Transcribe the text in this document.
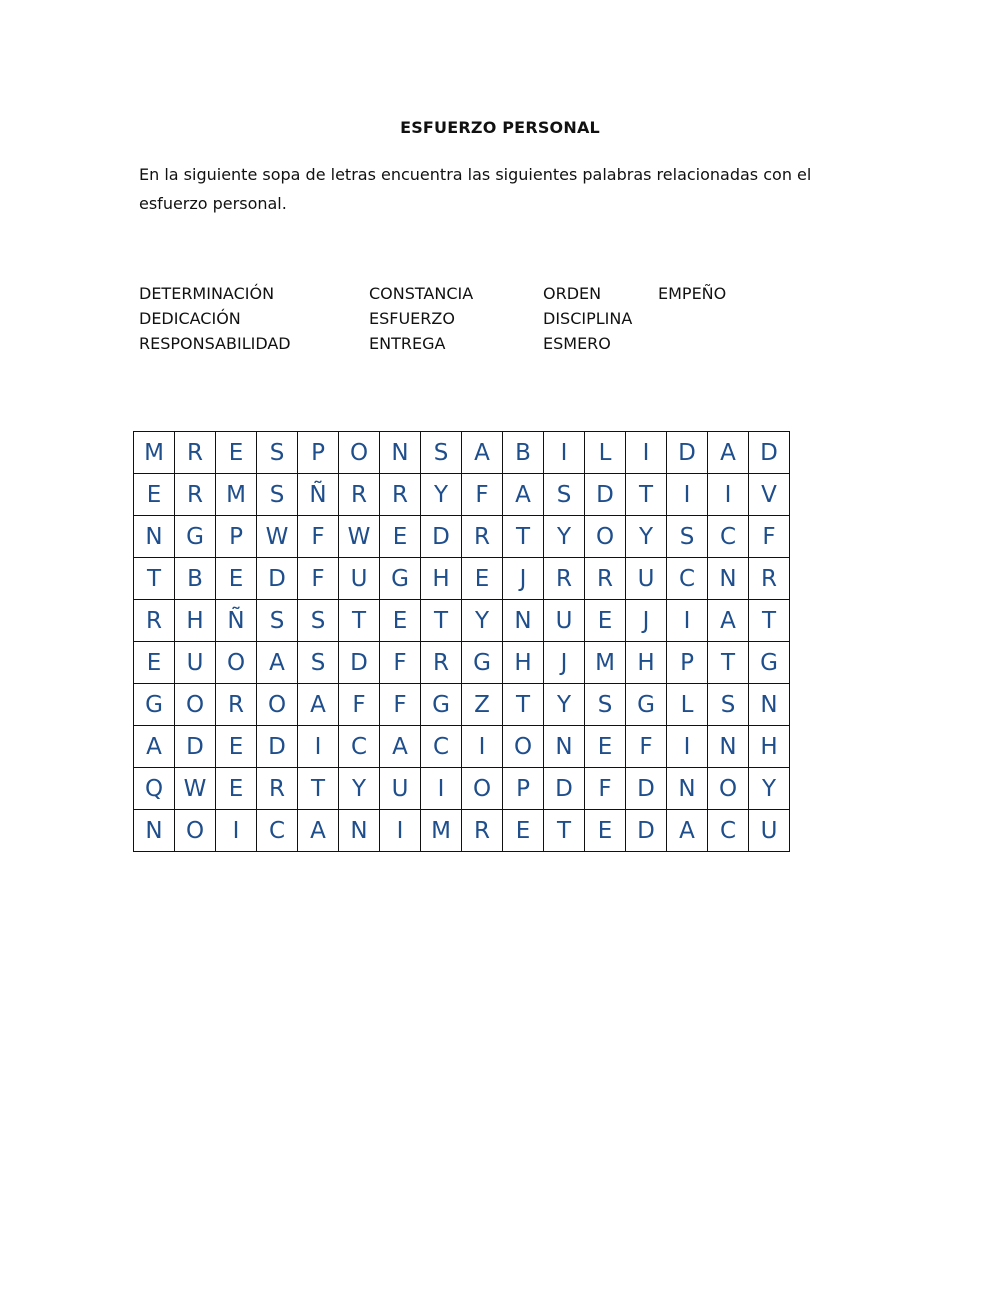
ESFUERZO PERSONAL
En la siguiente sopa de letras encuentra las siguientes palabras relacionadas con el esfuerzo personal.
DETERMINACIÓN	CONSTANCIA	ORDEN	EMPEÑO
DEDICACIÓN	ESFUERZO	DISCIPLINA
RESPONSABILIDAD	ENTREGA	ESMERO
M	R	E	S	P	O	N	S	A	B	I	L	I	D	A	D
E	R	M	S	Ñ	R	R	Y	F	A	S	D	T	I	I	V
N	G	P	W	F	W	E	D	R	T	Y	O	Y	S	C	F
T	B	E	D	F	U	G	H	E	J	R	R	U	C	N	R
R	H	Ñ	S	S	T	E	T	Y	N	U	E	J	I	A	T
E	U	O	A	S	D	F	R	G	H	J	M	H	P	T	G
G	O	R	O	A	F	F	G	Z	T	Y	S	G	L	S	N
A	D	E	D	I	C	A	C	I	O	N	E	F	I	N	H
Q	W	E	R	T	Y	U	I	O	P	D	F	D	N	O	Y
N	O	I	C	A	N	I	M	R	E	T	E	D	A	C	U
